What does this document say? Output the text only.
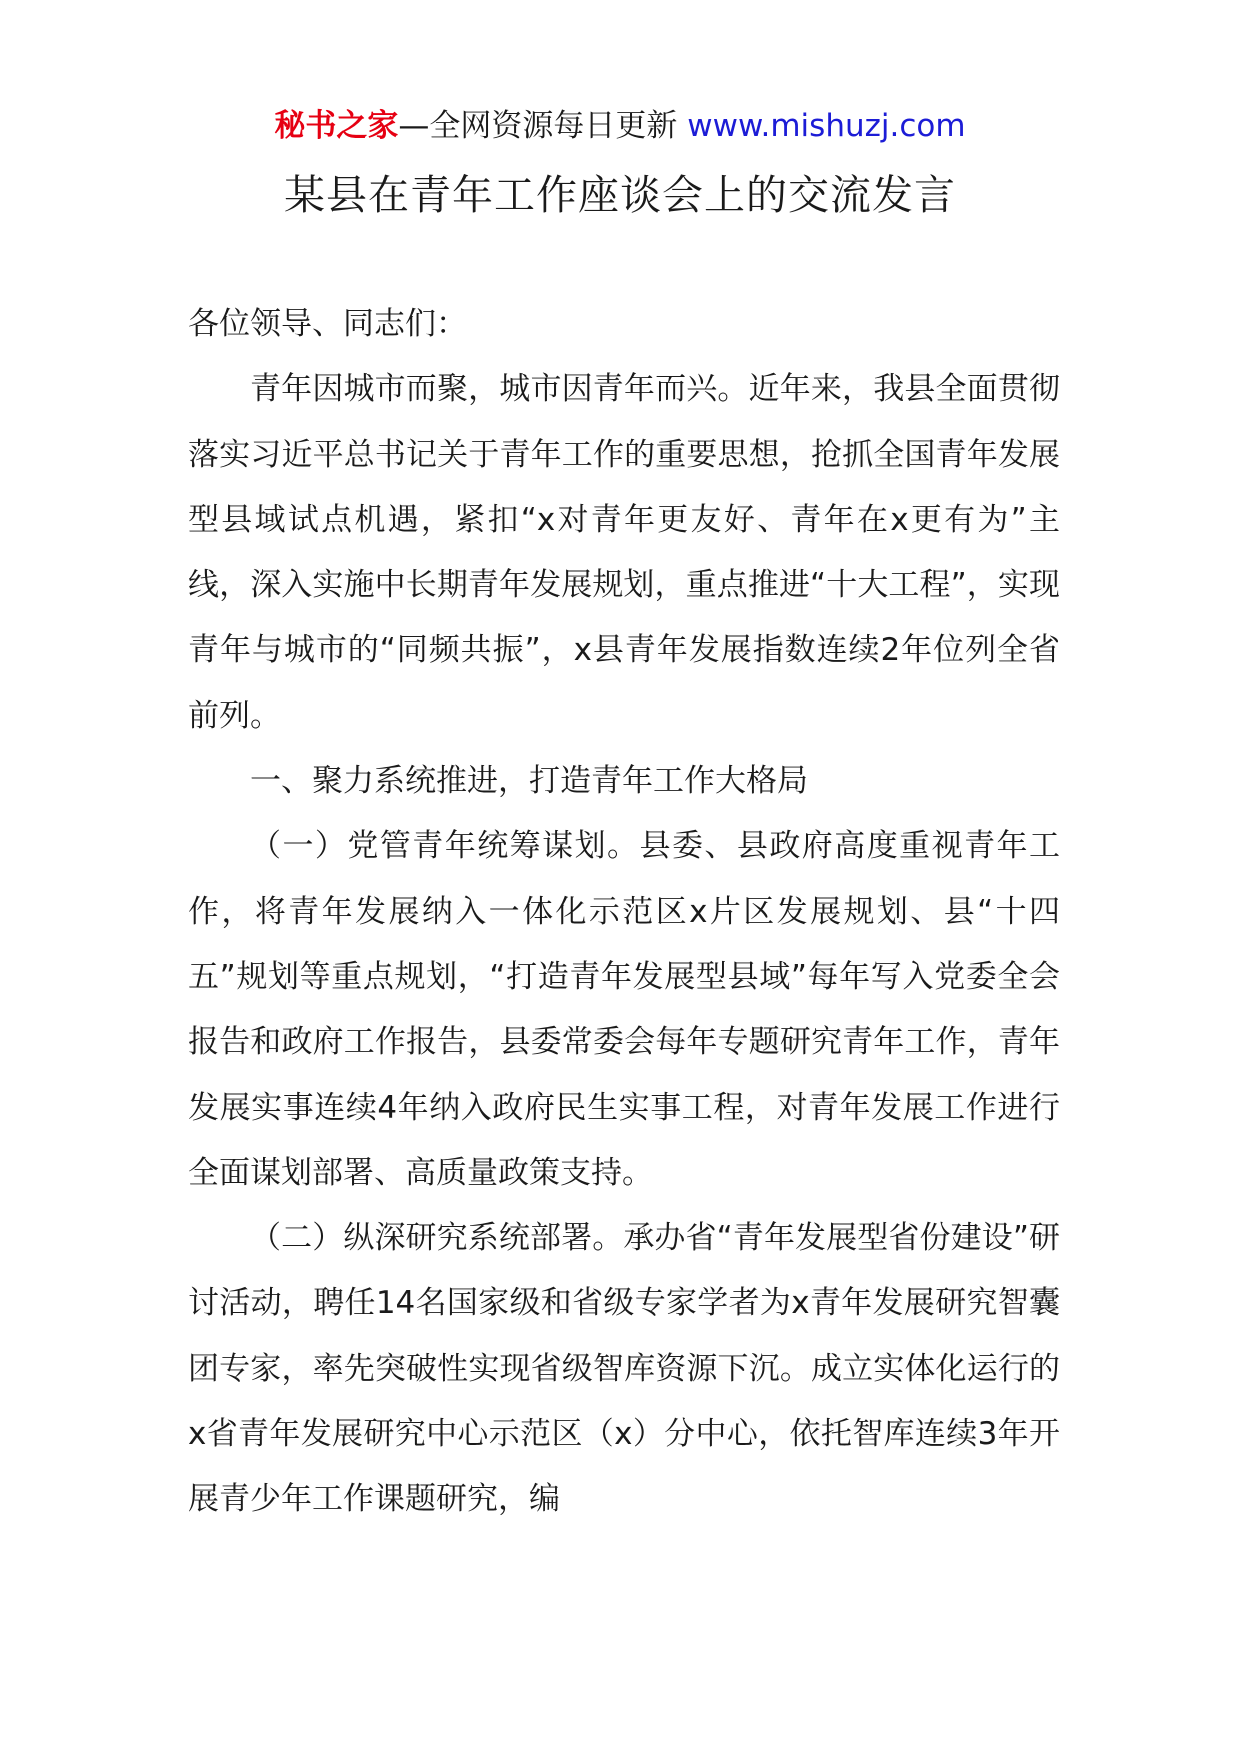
秘书之家—全网资源每日更新 www.mishuzj.com
某县在青年工作座谈会上的交流发言

各位领导、同志们：

青年因城市而聚，城市因青年而兴。近年来，我县全面贯彻落实习近平总书记关于青年工作的重要思想，抢抓全国青年发展型县域试点机遇，紧扣“x对青年更友好、青年在x更有为”主线，深入实施中长期青年发展规划，重点推进“十大工程”，实现青年与城市的“同频共振”，x县青年发展指数连续2年位列全省前列。

一、聚力系统推进，打造青年工作大格局

（一）党管青年统筹谋划。县委、县政府高度重视青年工作，将青年发展纳入一体化示范区x片区发展规划、县“十四五”规划等重点规划，“打造青年发展型县域”每年写入党委全会报告和政府工作报告，县委常委会每年专题研究青年工作，青年发展实事连续4年纳入政府民生实事工程，对青年发展工作进行全面谋划部署、高质量政策支持。

（二）纵深研究系统部署。承办省“青年发展型省份建设”研讨活动，聘任14名国家级和省级专家学者为x青年发展研究智囊团专家，率先突破性实现省级智库资源下沉。成立实体化运行的x省青年发展研究中心示范区（x）分中心，依托智库连续3年开展青少年工作课题研究，编
